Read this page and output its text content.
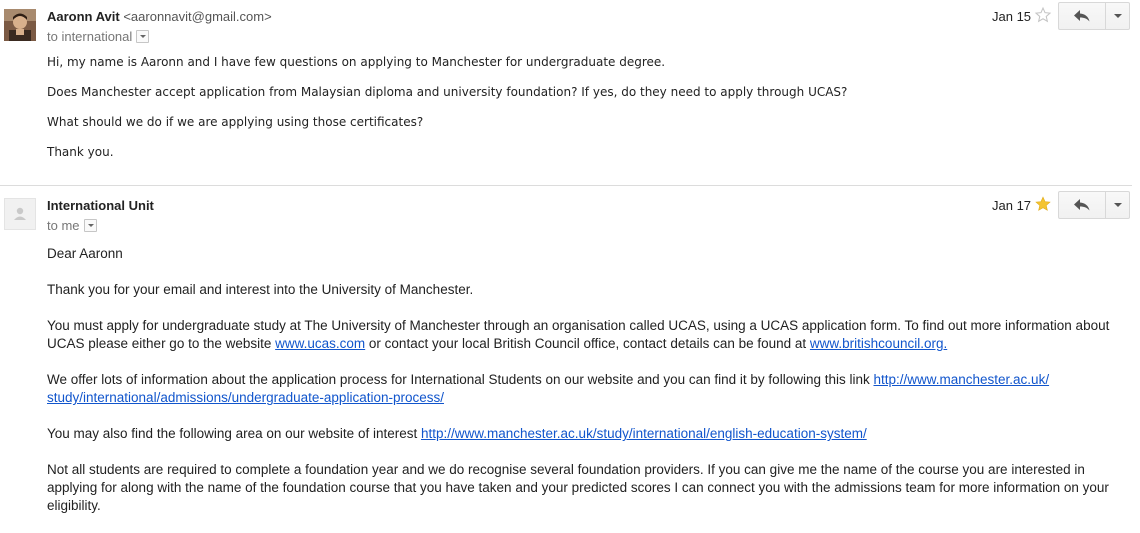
Aaronn Avit <aaronnavit@gmail.com>
to international
Jan 15

Hi, my name is Aaronn and I have few questions on applying to Manchester for undergraduate degree.

Does Manchester accept application from Malaysian diploma and university foundation? If yes, do they need to apply through UCAS?

What should we do if we are applying using those certificates?

Thank you.

International Unit
to me
Jan 17

Dear Aaronn

Thank you for your email and interest into the University of Manchester.

You must apply for undergraduate study at The University of Manchester through an organisation called UCAS, using a UCAS application form. To find out more information about UCAS please either go to the website www.ucas.com or contact your local British Council office, contact details can be found at www.britishcouncil.org.

We offer lots of information about the application process for International Students on our website and you can find it by following this link http://www.manchester.ac.uk/ study/international/admissions/undergraduate-application-process/

You may also find the following area on our website of interest http://www.manchester.ac.uk/study/international/english-education-system/

Not all students are required to complete a foundation year and we do recognise several foundation providers. If you can give me the name of the course you are interested in applying for along with the name of the foundation course that you have taken and your predicted scores I can connect you with the admissions team for more information on your eligibility.
